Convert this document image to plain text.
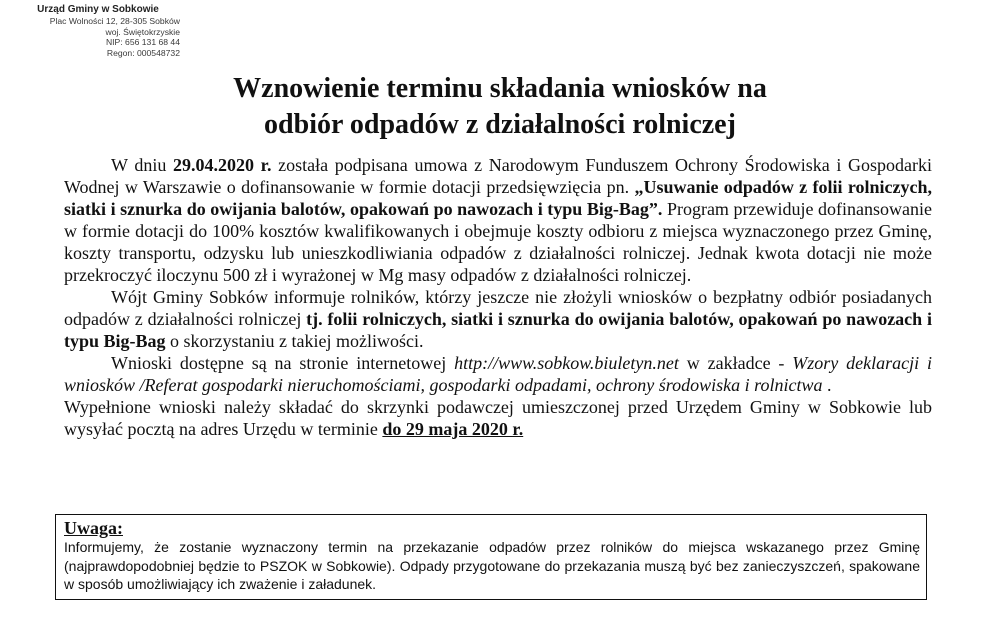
Urząd Gminy w Sobkowie
Plac Wolności 12, 28-305 Sobków
woj. Świętokrzyskie
NIP: 656 131 68 44
Regon: 000548732
Wznowienie terminu składania wniosków na
odbiór odpadów z działalności rolniczej

W dniu 29.04.2020 r. została podpisana umowa z Narodowym Funduszem Ochrony Środowiska i Gospodarki Wodnej w Warszawie o dofinansowanie w formie dotacji przedsięwzięcia pn. „Usuwanie odpadów z folii rolniczych, siatki i sznurka do owijania balotów, opakowań po nawozach i typu Big-Bag”. Program przewiduje dofinansowanie w formie dotacji do 100% kosztów kwalifikowanych i obejmuje koszty odbioru z miejsca wyznaczonego przez Gminę, koszty transportu, odzysku lub unieszkodliwiania odpadów z działalności rolniczej. Jednak kwota dotacji nie może przekroczyć iloczynu 500 zł i wyrażonej w Mg masy odpadów z działalności rolniczej.

Wójt Gminy Sobków informuje rolników, którzy jeszcze nie złożyli wniosków o bezpłatny odbiór posiadanych odpadów z działalności rolniczej tj. folii rolniczych, siatki i sznurka do owijania balotów, opakowań po nawozach i typu Big-Bag o skorzystaniu z takiej możliwości.

Wnioski dostępne są na stronie internetowej http://www.sobkow.biuletyn.net w zakładce - Wzory deklaracji i wniosków /Referat gospodarki nieruchomościami, gospodarki odpadami, ochrony środowiska i rolnictwa .

Wypełnione wnioski należy składać do skrzynki podawczej umieszczonej przed Urzędem Gminy w Sobkowie lub wysyłać pocztą na adres Urzędu w terminie do 29 maja 2020 r.

Uwaga:

Informujemy, że zostanie wyznaczony termin na przekazanie odpadów przez rolników do miejsca wskazanego przez Gminę (najprawdopodobniej będzie to PSZOK w Sobkowie). Odpady przygotowane do przekazania muszą być bez zanieczyszczeń, spakowane w sposób umożliwiający ich zważenie i załadunek.
